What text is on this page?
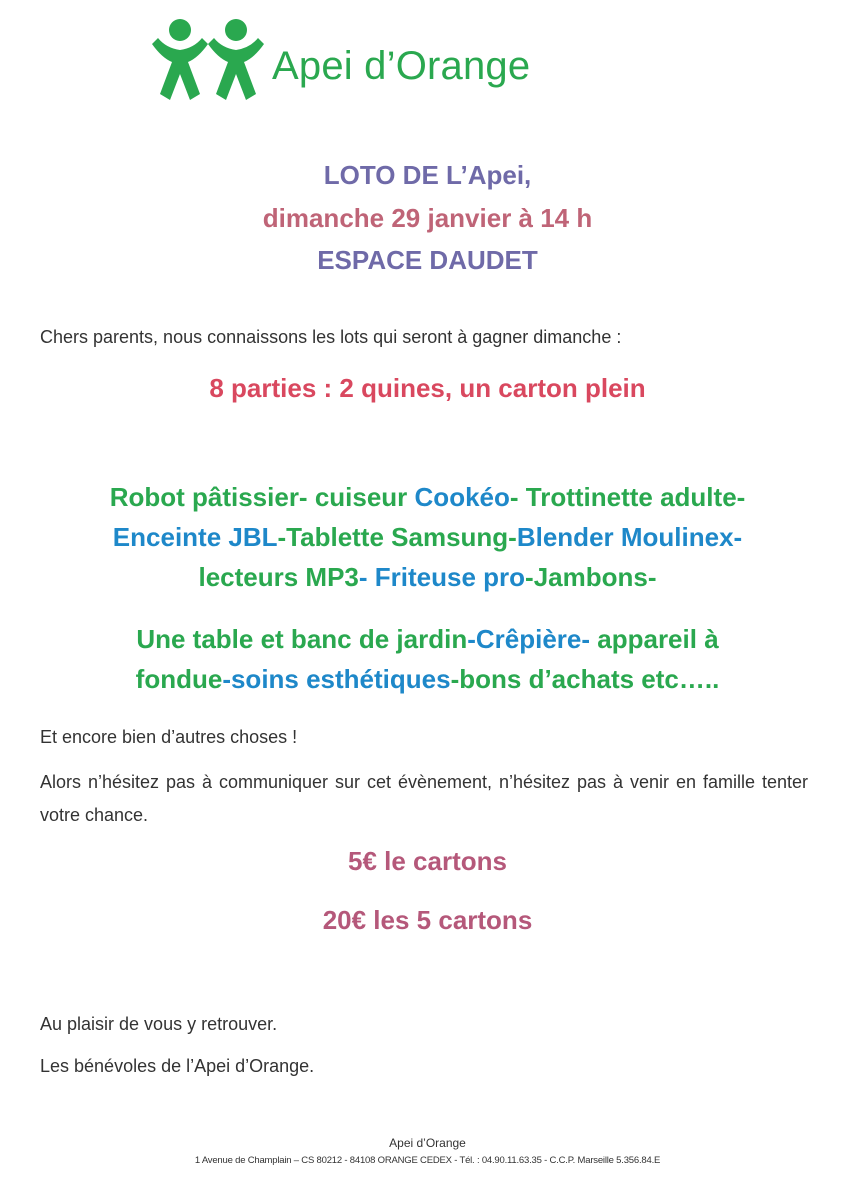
Apei d’Orange
LOTO DE L’Apei,
dimanche 29 janvier à 14 h
ESPACE DAUDET
Chers parents, nous connaissons les lots qui seront à gagner dimanche :
8 parties : 2 quines, un carton plein
Robot pâtissier- cuiseur Cookéo- Trottinette adulte-
Enceinte JBL-Tablette Samsung-Blender Moulinex-
lecteurs MP3- Friteuse pro-Jambons-
Une table et banc de jardin-Crêpière- appareil à
fondue-soins esthétiques-bons d’achats etc…..
Et encore bien d’autres choses !
Alors n’hésitez pas à communiquer sur cet évènement, n’hésitez pas à venir en famille tenter votre chance.
5€ le cartons
20€ les 5 cartons
Au plaisir de vous y retrouver.
Les bénévoles de l’Apei d’Orange.
Apei d’Orange
1 Avenue de Champlain – CS 80212 - 84108 ORANGE CEDEX - Tél. : 04.90.11.63.35 - C.C.P. Marseille 5.356.84.E
